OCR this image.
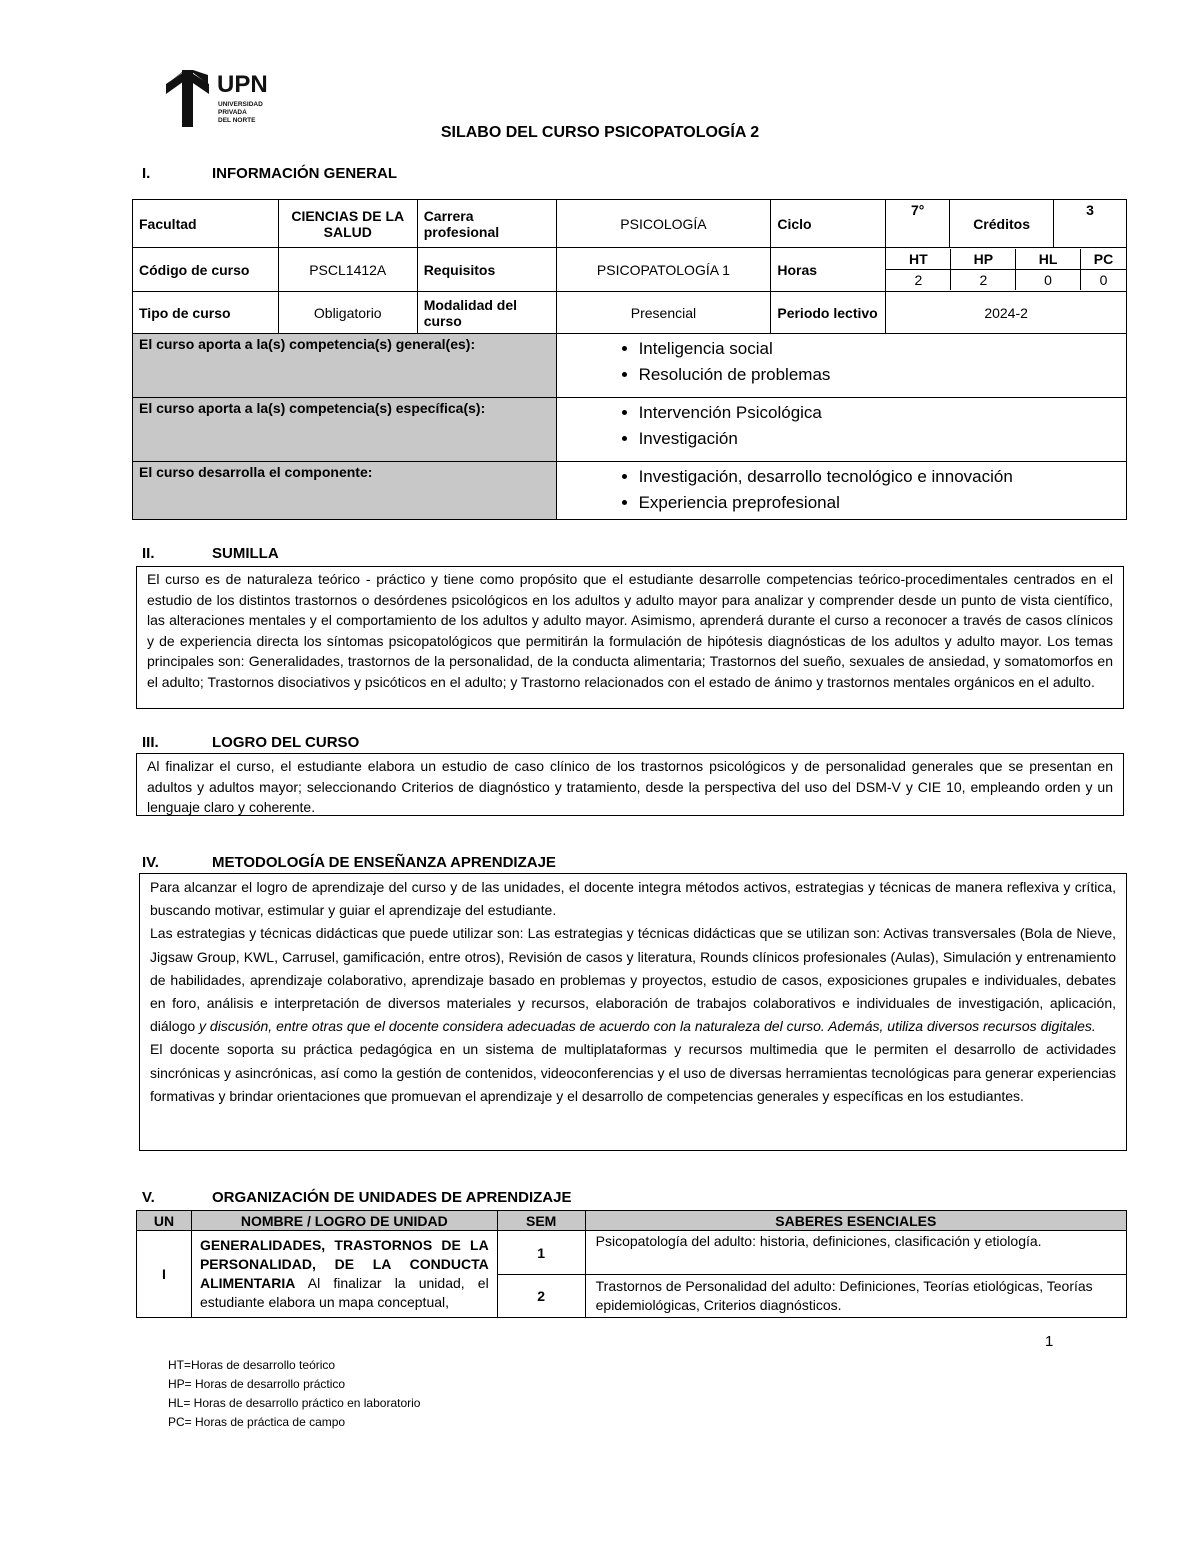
UPN
UNIVERSIDAD
PRIVADA
DEL NORTE
SILABO DEL CURSO PSICOPATOLOGÍA 2
I.	INFORMACIÓN GENERAL
Facultad	CIENCIAS DE LA SALUD	Carrera profesional	PSICOLOGÍA	Ciclo	7°	Créditos	3
Código de curso	PSCL1412A	Requisitos	PSICOPATOLOGÍA 1	Horas	
HT	HP	HL	PC
2	2	0	0

Tipo de curso	Obligatorio	Modalidad del curso	Presencial	Periodo lectivo	2024-2
El curso aporta a la(s) competencia(s) general(es):	
•Inteligencia social
• Resolución de problemas

El curso aporta a la(s) competencia(s) específica(s):	
•Intervención Psicológica
• Investigación

El curso desarrolla el componente:	
•Investigación, desarrollo tecnológico e innovación
• Experiencia preprofesional
II.	SUMILLA

El curso es de naturaleza teórico - práctico y tiene como propósito que el estudiante desarrolle competencias teórico-procedimentales centrados en el estudio de los distintos trastornos o desórdenes psicológicos en los adultos y adulto mayor para analizar y comprender desde un punto de vista científico, las alteraciones mentales y el comportamiento de los adultos y adulto mayor. Asimismo, aprenderá durante el curso a reconocer a través de casos clínicos y de experiencia directa los síntomas psicopatológicos que permitirán la formulación de hipótesis diagnósticas de los adultos y adulto mayor. Los temas principales son: Generalidades, trastornos de la personalidad, de la conducta alimentaria; Trastornos del sueño, sexuales de ansiedad, y somatomorfos en el adulto; Trastornos disociativos y psicóticos en el adulto; y Trastorno relacionados con el estado de ánimo y trastornos mentales orgánicos en el adulto.

III.	LOGRO DEL CURSO

Al finalizar el curso, el estudiante elabora un estudio de caso clínico de los trastornos psicológicos y de personalidad generales que se presentan en adultos y adultos mayor; seleccionando Criterios de diagnóstico y tratamiento, desde la perspectiva del uso del DSM-V y CIE 10, empleando orden y un lenguaje claro y coherente.

IV.	METODOLOGÍA DE ENSEÑANZA APRENDIZAJE

Para alcanzar el logro de aprendizaje del curso y de las unidades, el docente integra métodos activos, estrategias y técnicas de manera reflexiva y crítica, buscando motivar, estimular y guiar el aprendizaje del estudiante.

Las estrategias y técnicas didácticas que puede utilizar son: Las estrategias y técnicas didácticas que se utilizan son: Activas transversales (Bola de Nieve, Jigsaw Group, KWL, Carrusel, gamificación, entre otros), Revisión de casos y literatura, Rounds clínicos profesionales (Aulas), Simulación y entrenamiento de habilidades, aprendizaje colaborativo, aprendizaje basado en problemas y proyectos, estudio de casos, exposiciones grupales e individuales, debates en foro, análisis e interpretación de diversos materiales y recursos, elaboración de trabajos colaborativos e individuales de investigación, aplicación, diálogo y discusión, entre otras que el docente considera adecuadas de acuerdo con la naturaleza del curso. Además, utiliza diversos recursos digitales.

El docente soporta su práctica pedagógica en un sistema de multiplataformas y recursos multimedia que le permiten el desarrollo de actividades sincrónicas y asincrónicas, así como la gestión de contenidos, videoconferencias y el uso de diversas herramientas tecnológicas para generar experiencias formativas y brindar orientaciones que promuevan el aprendizaje y el desarrollo de competencias generales y específicas en los estudiantes.

V.	ORGANIZACIÓN DE UNIDADES DE APRENDIZAJE
UN	NOMBRE / LOGRO DE UNIDAD	SEM	SABERES ESENCIALES
I	GENERALIDADES, TRASTORNOS DE LA PERSONALIDAD, DE LA CONDUCTA ALIMENTARIA Al finalizar la unidad, el estudiante elabora un mapa conceptual,	1	Psicopatología del adulto: historia, definiciones, clasificación y etiología.
		2	Trastornos de Personalidad del adulto: Definiciones, Teorías etiológicas, Teorías epidemiológicas, Criterios diagnósticos.
1
HT=Horas de desarrollo teórico
HP= Horas de desarrollo práctico
HL= Horas de desarrollo práctico en laboratorio
PC= Horas de práctica de campo
